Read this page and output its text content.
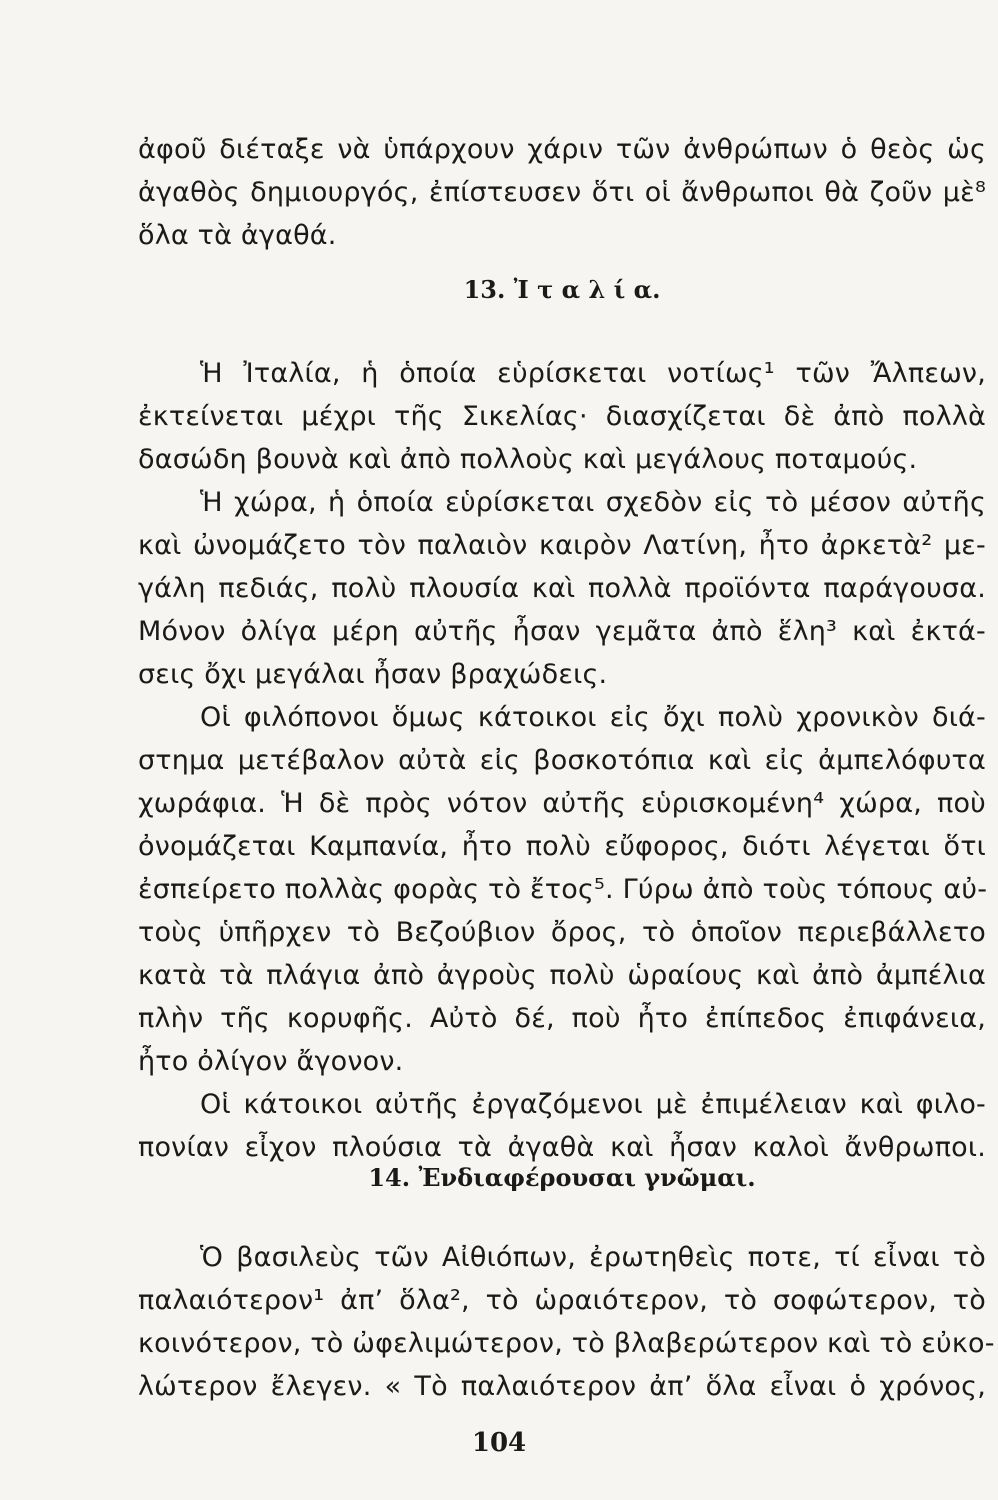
ἀφοῦ διέταξε νὰ ὑπάρχουν χάριν τῶν ἀνθρώπων ὁ θεὸς ὡς
ἀγαθὸς δημιουργός, ἐπίστευσεν ὅτι οἱ ἄνθρωποι θὰ ζοῦν μὲ⁸
ὅλα τὰ ἀγαθά.
13. Ἰ τ α λ ί α.
Ἡ Ἰταλία, ἡ ὁποία εὑρίσκεται νοτίως¹ τῶν Ἄλπεων,
ἐκτείνεται μέχρι τῆς Σικελίας· διασχίζεται δὲ ἀπὸ πολλὰ
δασώδη βουνὰ καὶ ἀπὸ πολλοὺς καὶ μεγάλους ποταμούς.
Ἡ χώρα, ἡ ὁποία εὑρίσκεται σχεδὸν εἰς τὸ μέσον αὐτῆς
καὶ ὠνομάζετο τὸν παλαιὸν καιρὸν Λατίνη, ἦτο ἀρκετὰ² με-
γάλη πεδιάς, πολὺ πλουσία καὶ πολλὰ προϊόντα παράγουσα.
Μόνον ὀλίγα μέρη αὐτῆς ἦσαν γεμᾶτα ἀπὸ ἕλη³ καὶ ἐκτά-
σεις ὄχι μεγάλαι ἦσαν βραχώδεις.
Οἱ φιλόπονοι ὅμως κάτοικοι εἰς ὄχι πολὺ χρονικὸν διά-
στημα μετέβαλον αὐτὰ εἰς βοσκοτόπια καὶ εἰς ἀμπελόφυτα
χωράφια. Ἡ δὲ πρὸς νότον αὐτῆς εὑρισκομένη⁴ χώρα, ποὺ
ὀνομάζεται Καμπανία, ἦτο πολὺ εὔφορος, διότι λέγεται ὅτι
ἐσπείρετο πολλὰς φορὰς τὸ ἔτος⁵. Γύρω ἀπὸ τοὺς τόπους αὐ-
τοὺς ὑπῆρχεν τὸ Βεζούβιον ὄρος, τὸ ὁποῖον περιεβάλλετο
κατὰ τὰ πλάγια ἀπὸ ἀγροὺς πολὺ ὡραίους καὶ ἀπὸ ἀμπέλια
πλὴν τῆς κορυφῆς. Αὐτὸ δέ, ποὺ ἦτο ἐπίπεδος ἐπιφάνεια,
ἦτο ὀλίγον ἄγονον.
Οἱ κάτοικοι αὐτῆς ἐργαζόμενοι μὲ ἐπιμέλειαν καὶ φιλο-
πονίαν εἶχον πλούσια τὰ ἀγαθὰ καὶ ἦσαν καλοὶ ἄνθρωποι.
14. Ἐνδιαφέρουσαι γνῶμαι.
Ὁ βασιλεὺς τῶν Αἰθιόπων, ἐρωτηθεὶς ποτε, τί εἶναι τὸ
παλαιότερον¹ ἀπ’ ὅλα², τὸ ὡραιότερον, τὸ σοφώτερον, τὸ
κοινότερον, τὸ ὠφελιμώτερον, τὸ βλαβερώτερον καὶ τὸ εὐκο-
λώτερον ἔλεγεν. « Τὸ παλαιότερον ἀπ’ ὅλα εἶναι ὁ χρόνος,
104
